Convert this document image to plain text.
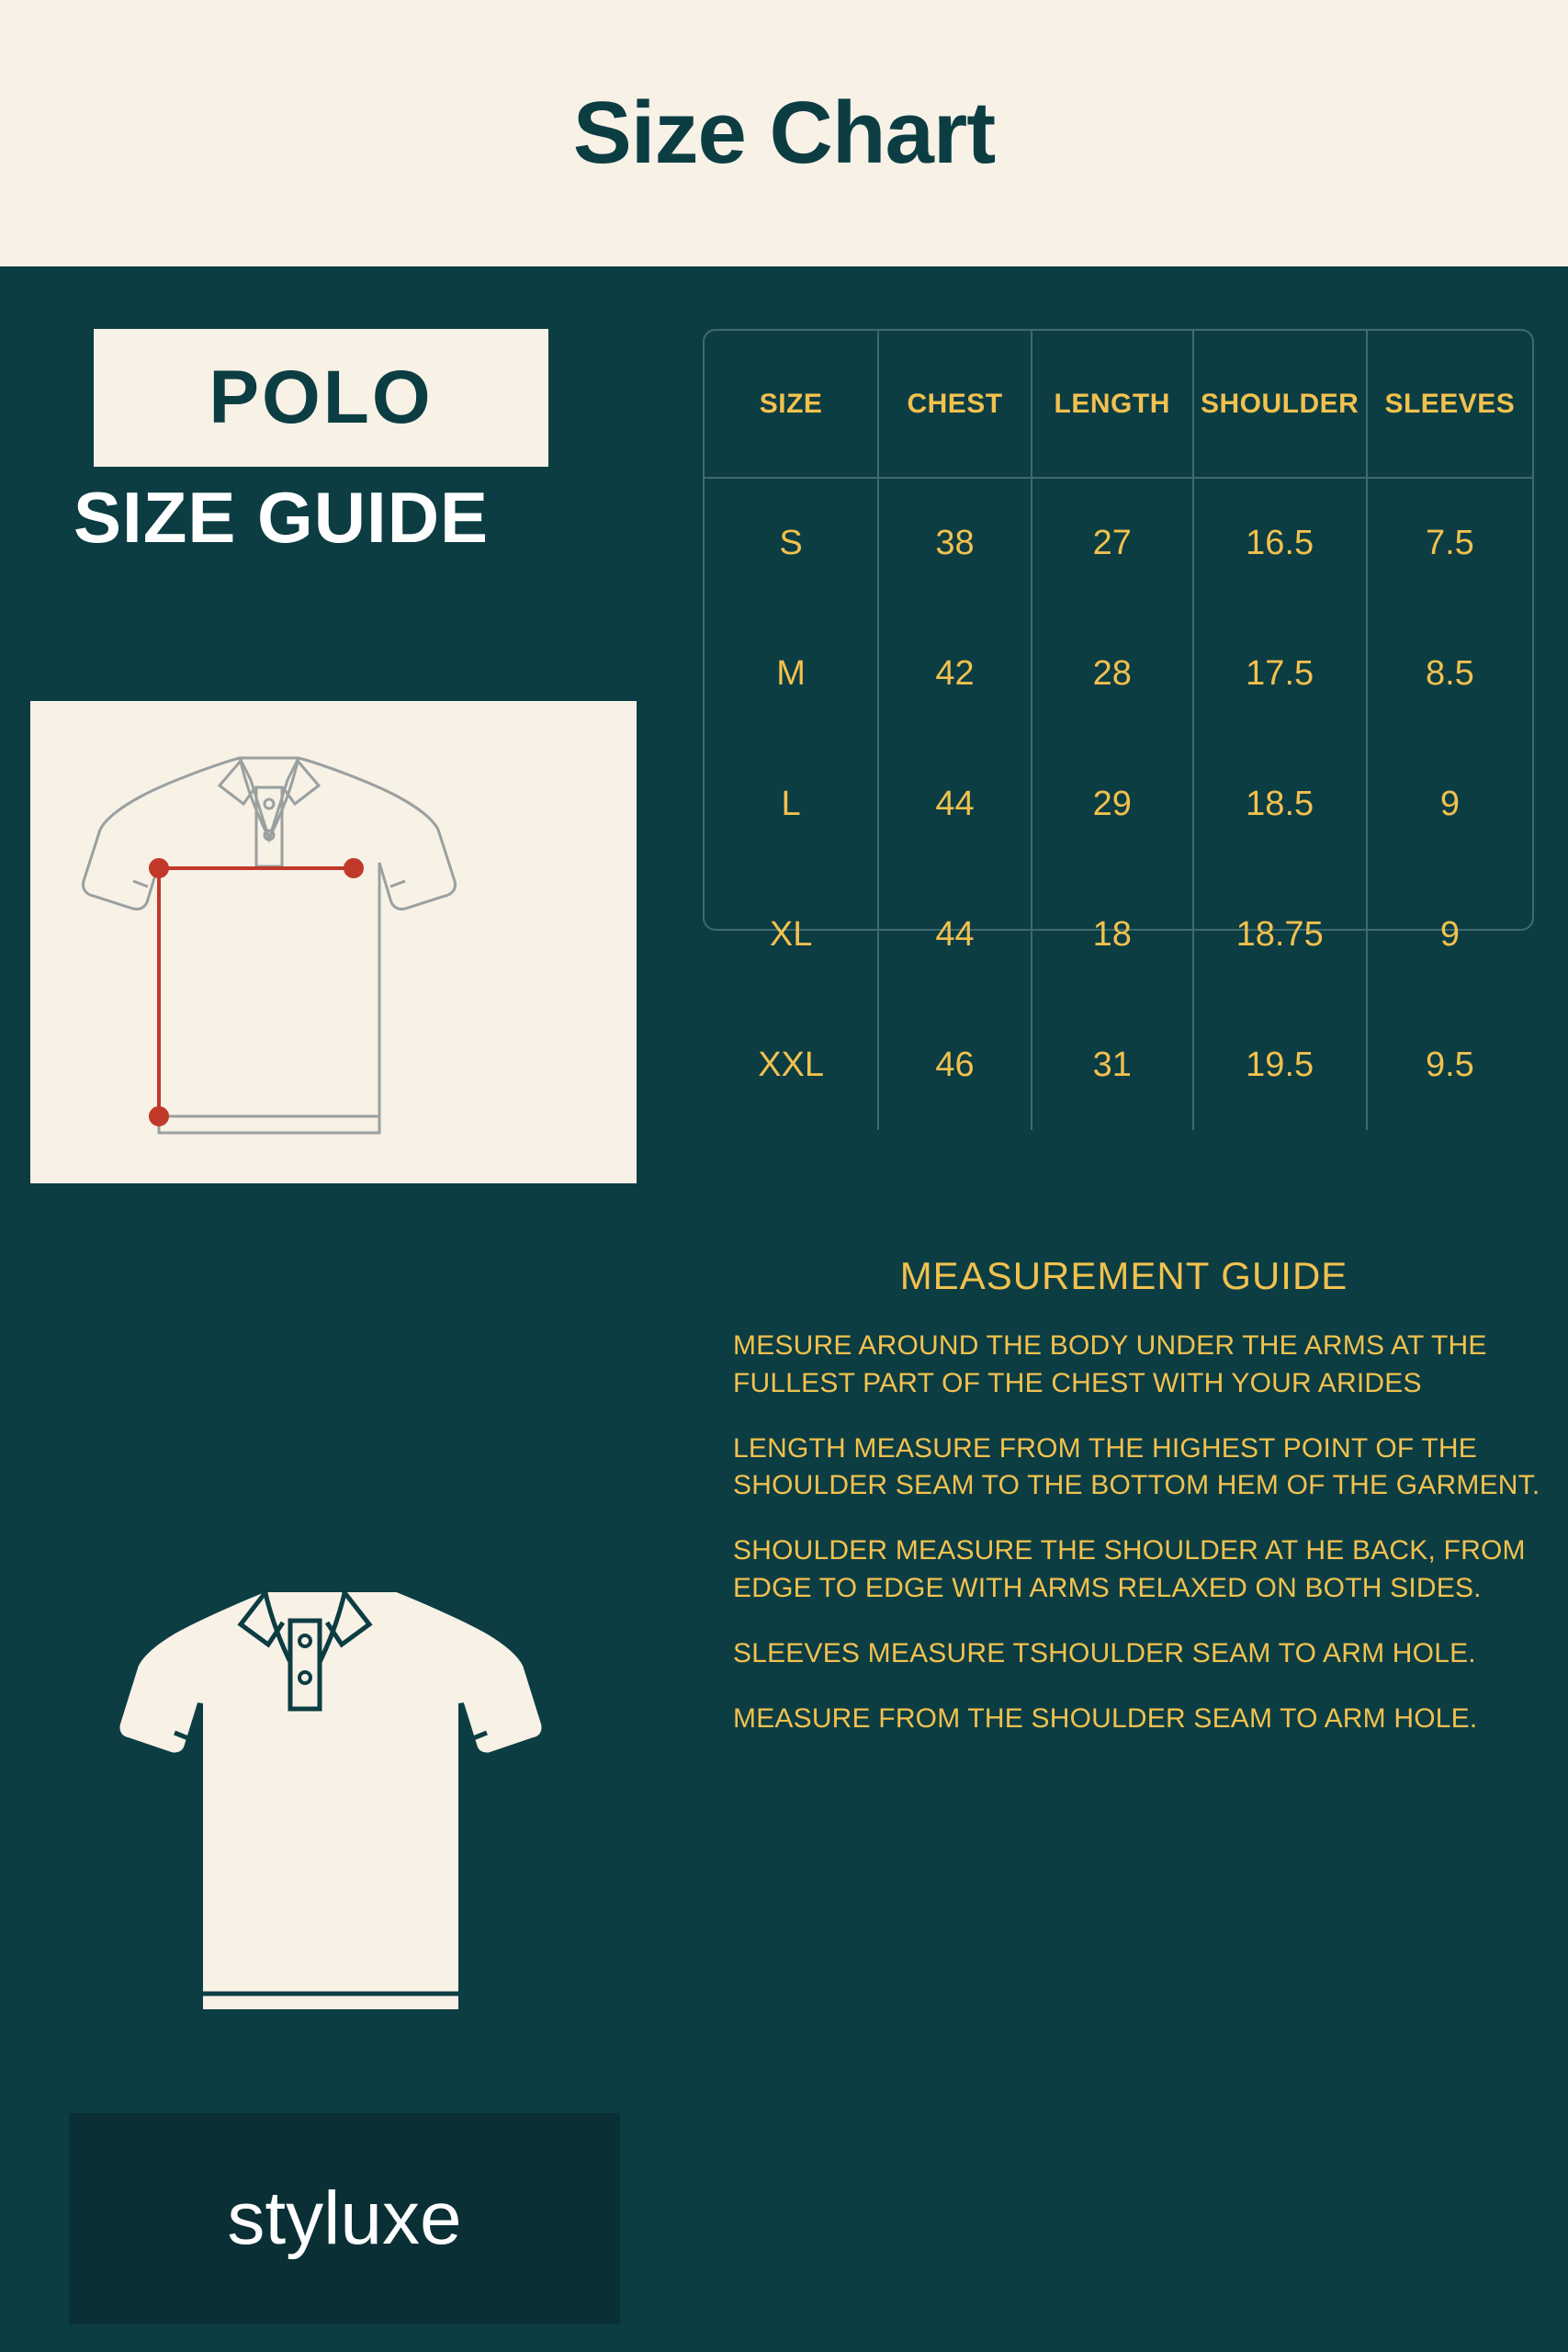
Size Chart
POLO
SIZE GUIDE
styluxe
SIZE	CHEST	LENGTH	SHOULDER	SLEEVES
S	38	27	16.5	7.5
M	42	28	17.5	8.5
L	44	29	18.5	9
XL	44	18	18.75	9
XXL	46	31	19.5	9.5
MEASUREMENT GUIDE

MESURE AROUND THE BODY UNDER THE ARMS AT THE FULLEST PART OF THE CHEST WITH YOUR ARIDES

LENGTH MEASURE FROM THE HIGHEST POINT OF THE SHOULDER SEAM TO THE BOTTOM HEM OF THE GARMENT.

SHOULDER MEASURE THE SHOULDER AT HE BACK, FROM EDGE TO EDGE WITH ARMS RELAXED ON BOTH SIDES.

SLEEVES MEASURE TSHOULDER SEAM TO ARM HOLE.

MEASURE FROM THE SHOULDER SEAM TO ARM HOLE.
